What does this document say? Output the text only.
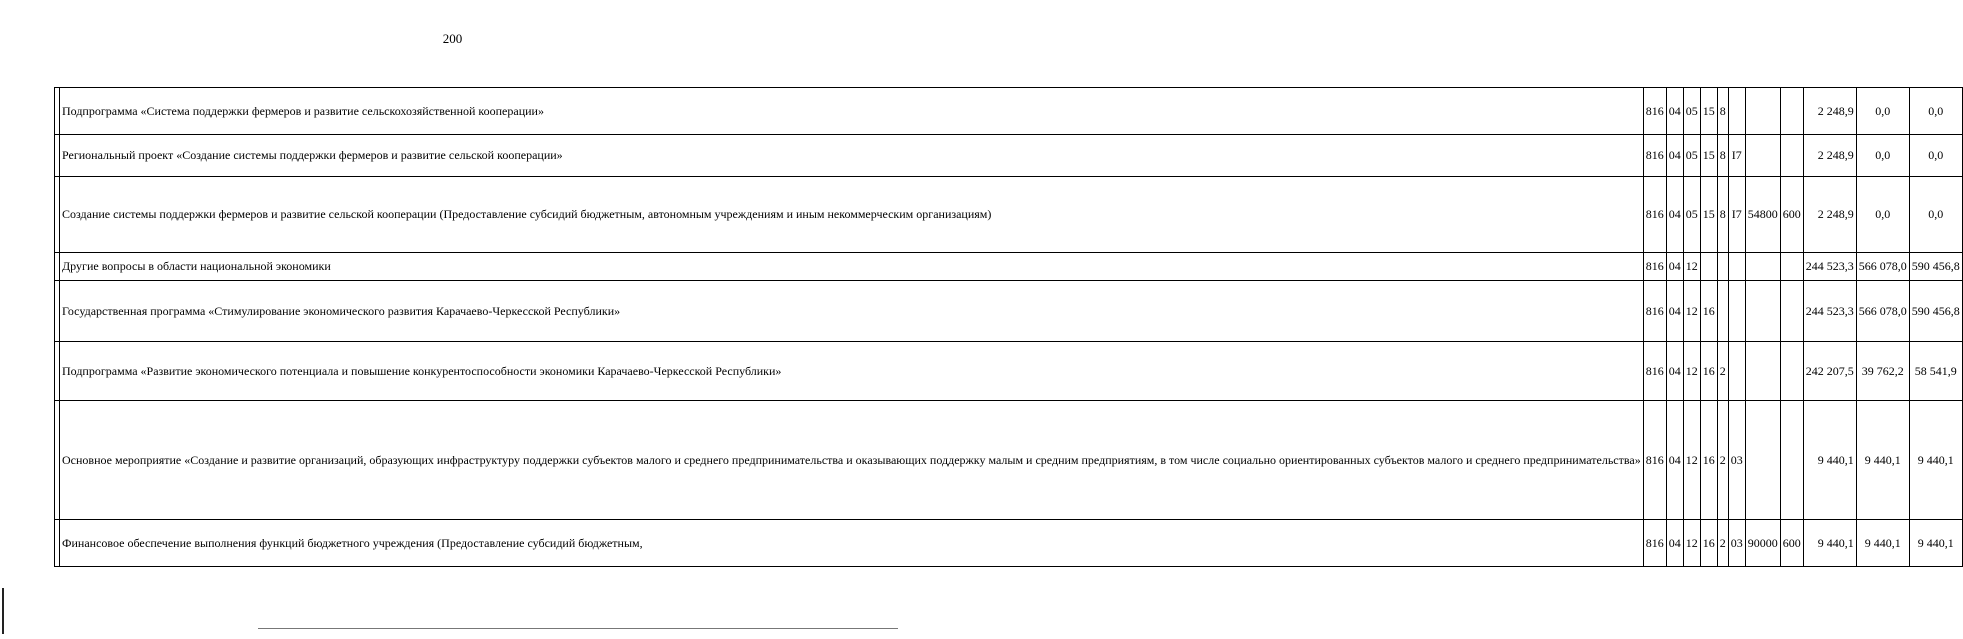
200
	Подпрограмма «Система поддержки фермеров и развитие сельскохозяйственной кооперации»	816	04	05	15	8				2 248,9	0,0	0,0
	Региональный проект «Создание системы поддержки фермеров и развитие сельской кооперации»	816	04	05	15	8	I7			2 248,9	0,0	0,0
	Создание системы поддержки фермеров и развитие сельской кооперации (Предоставление субсидий бюджетным, автономным учреждениям и иным некоммерческим организациям)	816	04	05	15	8	I7	54800	600	2 248,9	0,0	0,0
	Другие вопросы в области национальной экономики	816	04	12						244 523,3	566 078,0	590 456,8
	Государственная программа «Стимулирование экономического развития Карачаево-Черкесской Республики»	816	04	12	16					244 523,3	566 078,0	590 456,8
	Подпрограмма «Развитие экономического потенциала и повышение конкурентоспособности экономики Карачаево-Черкесской Республики»	816	04	12	16	2				242 207,5	39 762,2	58 541,9
	Основное мероприятие «Создание и развитие организаций, образующих инфраструктуру поддержки субъектов малого и среднего предпринимательства и оказывающих поддержку малым и средним предприятиям, в том числе социально ориентированных субъектов малого и среднего предпринимательства»	816	04	12	16	2	03			9 440,1	9 440,1	9 440,1
	Финансовое обеспечение выполнения функций бюджетного учреждения (Предоставление субсидий бюджетным,	816	04	12	16	2	03	90000	600	9 440,1	9 440,1	9 440,1
